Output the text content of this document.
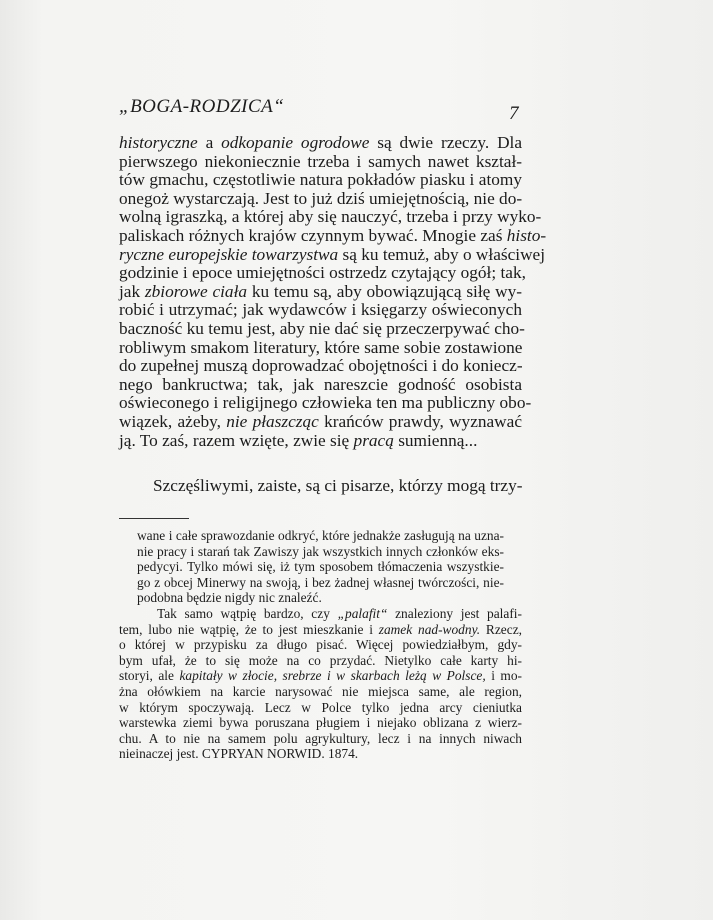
„BOGA-RODZICA“	7
historyczne a odkopanie ogrodowe są dwie rzeczy. Dla
pierwszego niekoniecznie trzeba i samych nawet kształ-
tów gmachu, częstotliwie natura pokładów piasku i atomy
onegoż wystarczają. Jest to już dziś umiejętnością, nie do-
wolną igraszką, a której aby się nauczyć, trzeba i przy wyko-
paliskach różnych krajów czynnym bywać. Mnogie zaś histo-
ryczne europejskie towarzystwa są ku temuż, aby o właściwej
godzinie i epoce umiejętności ostrzedz czytający ogół; tak,
jak zbiorowe ciała ku temu są, aby obowiązującą siłę wy-
robić i utrzymać; jak wydawców i księgarzy oświeconych
baczność ku temu jest, aby nie dać się przeczerpywać cho-
robliwym smakom literatury, które same sobie zostawione
do zupełnej muszą doprowadzać obojętności i do koniecz-
nego bankructwa; tak, jak nareszcie godność osobista
oświeconego i religijnego człowieka ten ma publiczny obo-
wiązek, ażeby, nie płaszcząc krańców prawdy, wyznawać
ją. To zaś, razem wzięte, zwie się pracą sumienną...
Szczęśliwymi, zaiste, są ci pisarze, którzy mogą trzy-
wane i całe sprawozdanie odkryć, które jednakże zasługują na uzna-
nie pracy i starań tak Zawiszy jak wszystkich innych członków eks-
pedycyi. Tylko mówi się, iż tym sposobem tłómaczenia wszystkie-
go z obcej Minerwy na swoją, i bez żadnej własnej twórczości, nie-
podobna będzie nigdy nic znaleźć.
Tak samo wątpię bardzo, czy „palafit“ znaleziony jest palafi-
tem, lubo nie wątpię, że to jest mieszkanie i zamek nad-wodny. Rzecz,
o której w przypisku za długo pisać. Więcej powiedziałbym, gdy-
bym ufał, że to się może na co przydać. Nietylko całe karty hi-
storyi, ale kapitały w złocie, srebrze i w skarbach leżą w Polsce, i mo-
żna ołówkiem na karcie narysować nie miejsca same, ale region,
w którym spoczywają. Lecz w Polce tylko jedna arcy cieniutka
warstewka ziemi bywa poruszana pługiem i niejako oblizana z wierz-
chu. A to nie na samem polu agrykultury, lecz i na innych niwach
nieinaczej jest. CYPRYAN NORWID. 1874.
